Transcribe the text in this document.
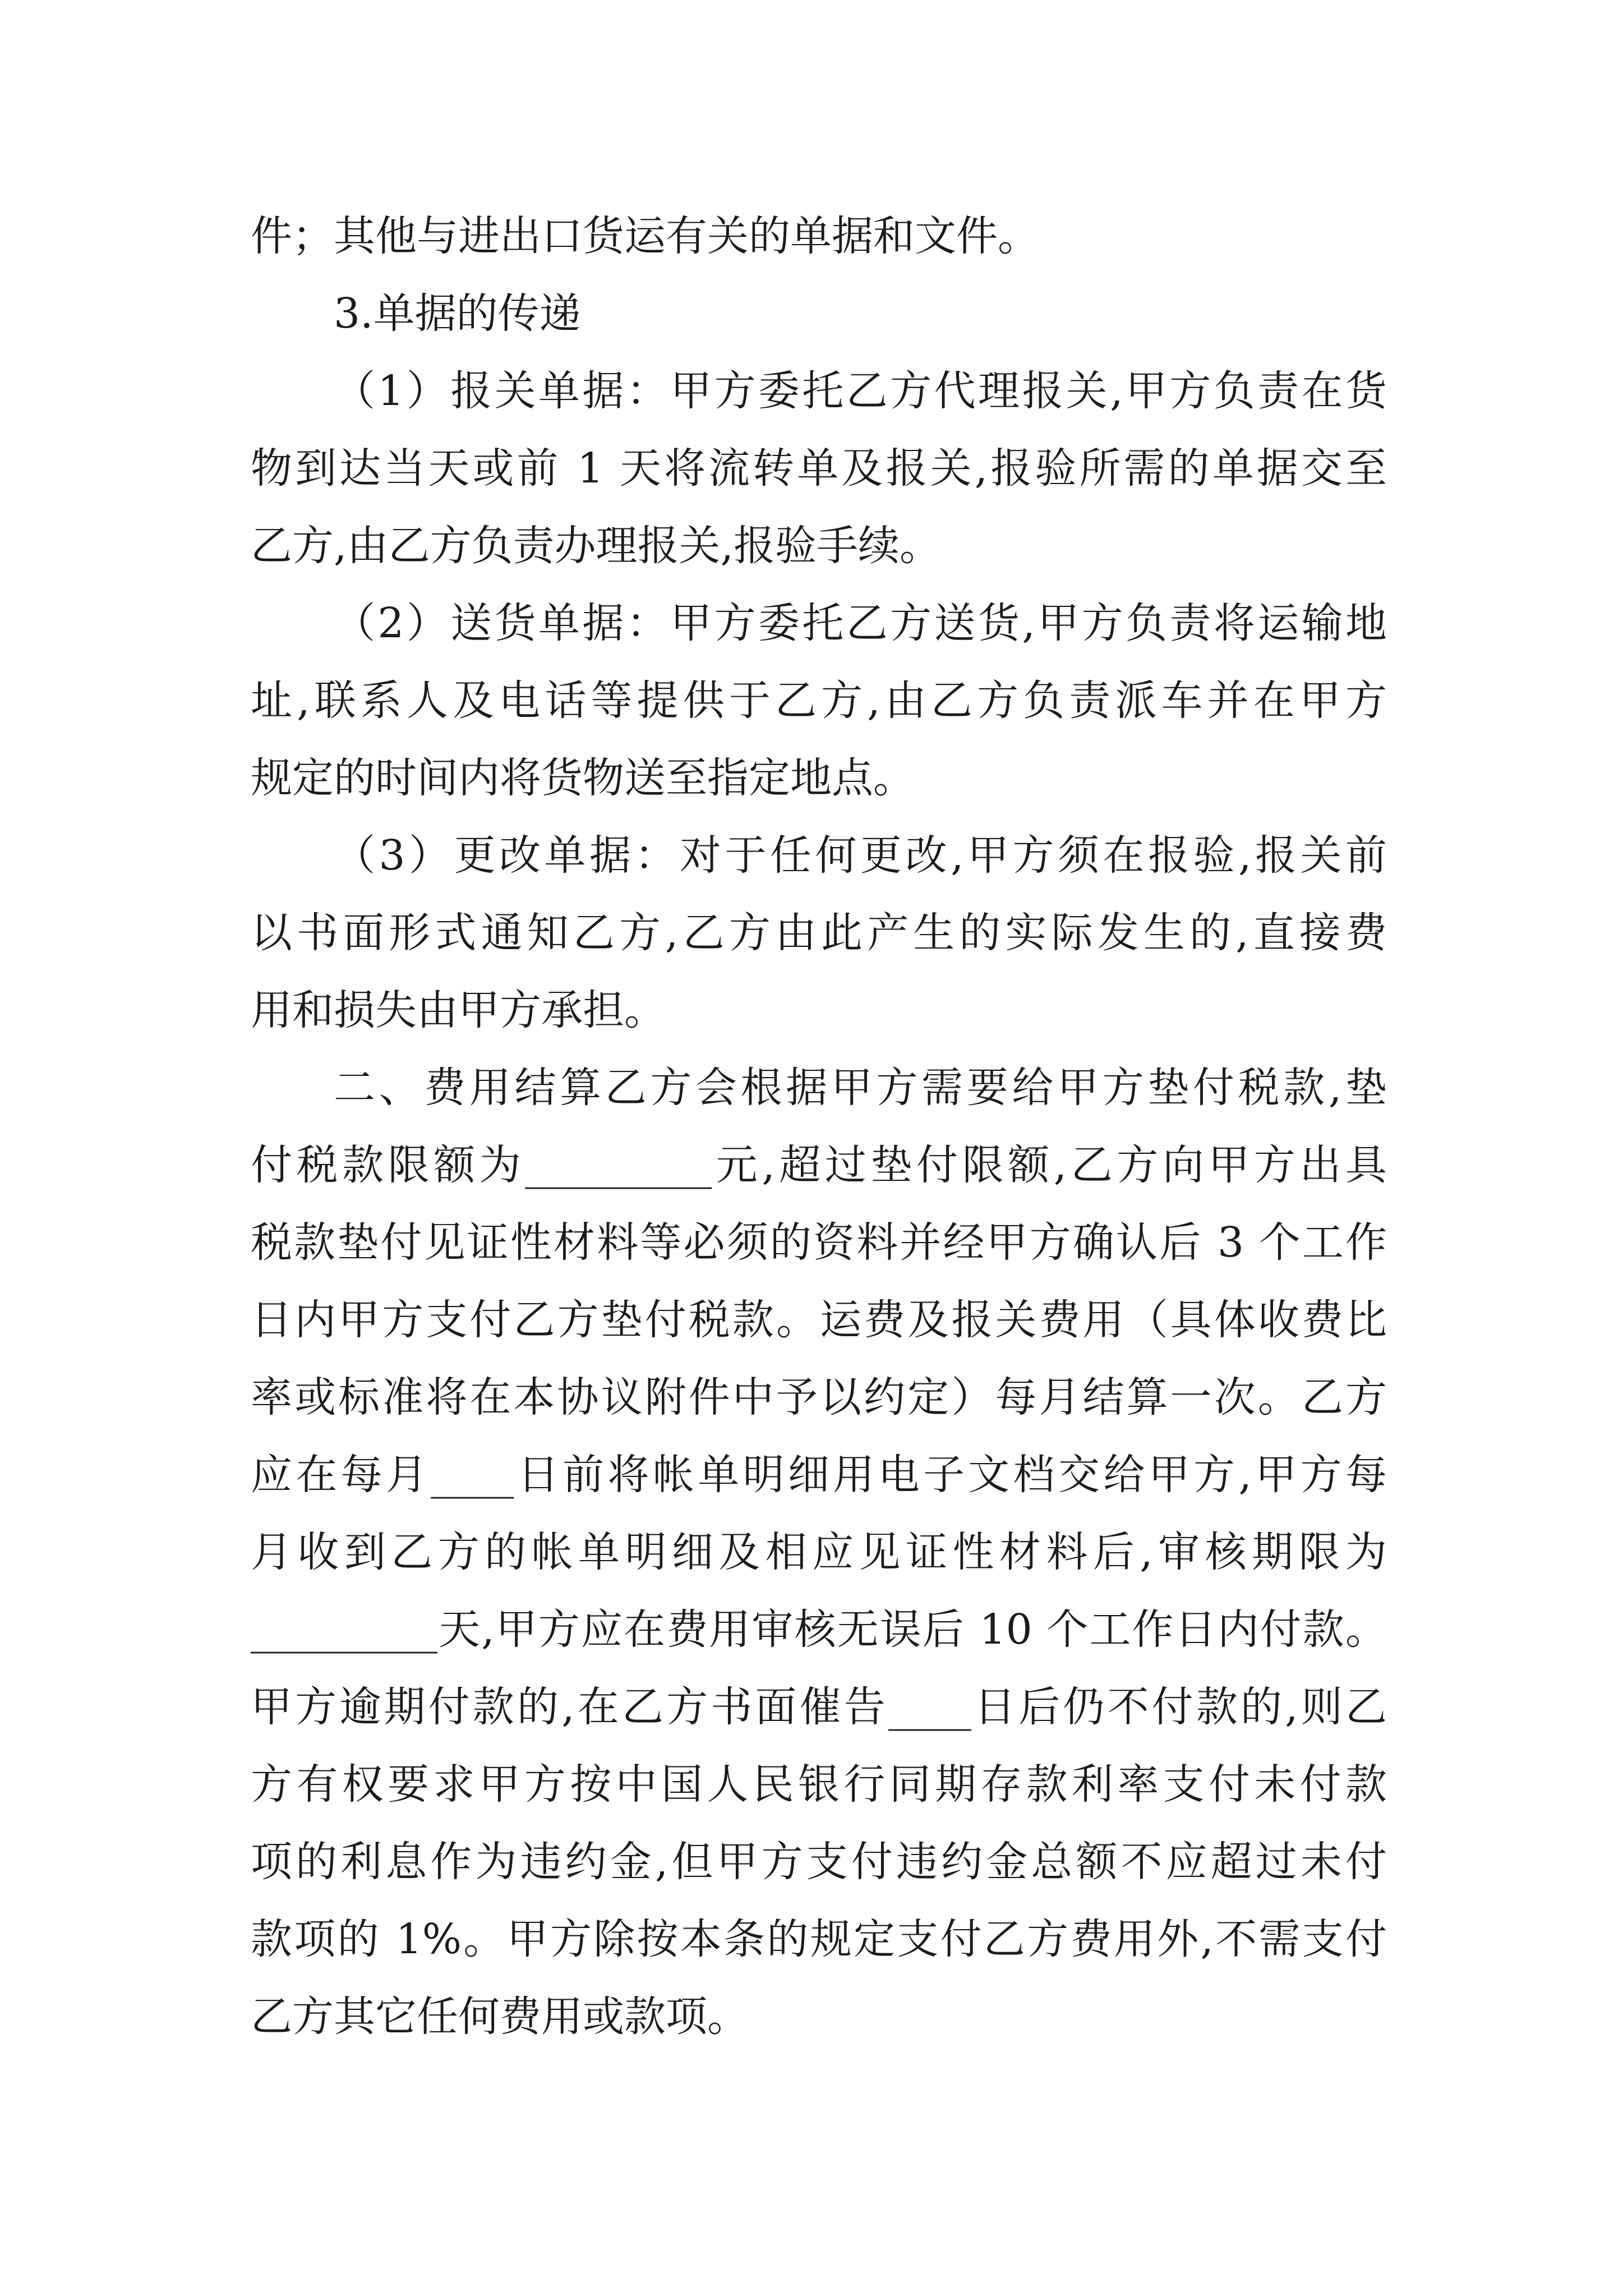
件；其他与进出口货运有关的单据和文件。
3.单据的传递
（1）报关单据：甲方委托乙方代理报关,甲方负责在货
物到达当天或前 1 天将流转单及报关,报验所需的单据交至
乙方,由乙方负责办理报关,报验手续。
（2）送货单据：甲方委托乙方送货,甲方负责将运输地
址,联系人及电话等提供于乙方,由乙方负责派车并在甲方
规定的时间内将货物送至指定地点。
（3）更改单据：对于任何更改,甲方须在报验,报关前
以书面形式通知乙方,乙方由此产生的实际发生的,直接费
用和损失由甲方承担。
二、费用结算乙方会根据甲方需要给甲方垫付税款,垫
付税款限额为_________元,超过垫付限额,乙方向甲方出具
税款垫付见证性材料等必须的资料并经甲方确认后 3 个工作
日内甲方支付乙方垫付税款。运费及报关费用（具体收费比
率或标准将在本协议附件中予以约定）每月结算一次。乙方
应在每月____日前将帐单明细用电子文档交给甲方,甲方每
月收到乙方的帐单明细及相应见证性材料后,审核期限为
_________天,甲方应在费用审核无误后 10 个工作日内付款。
甲方逾期付款的,在乙方书面催告____日后仍不付款的,则乙
方有权要求甲方按中国人民银行同期存款利率支付未付款
项的利息作为违约金,但甲方支付违约金总额不应超过未付
款项的 1%。甲方除按本条的规定支付乙方费用外,不需支付
乙方其它任何费用或款项。
